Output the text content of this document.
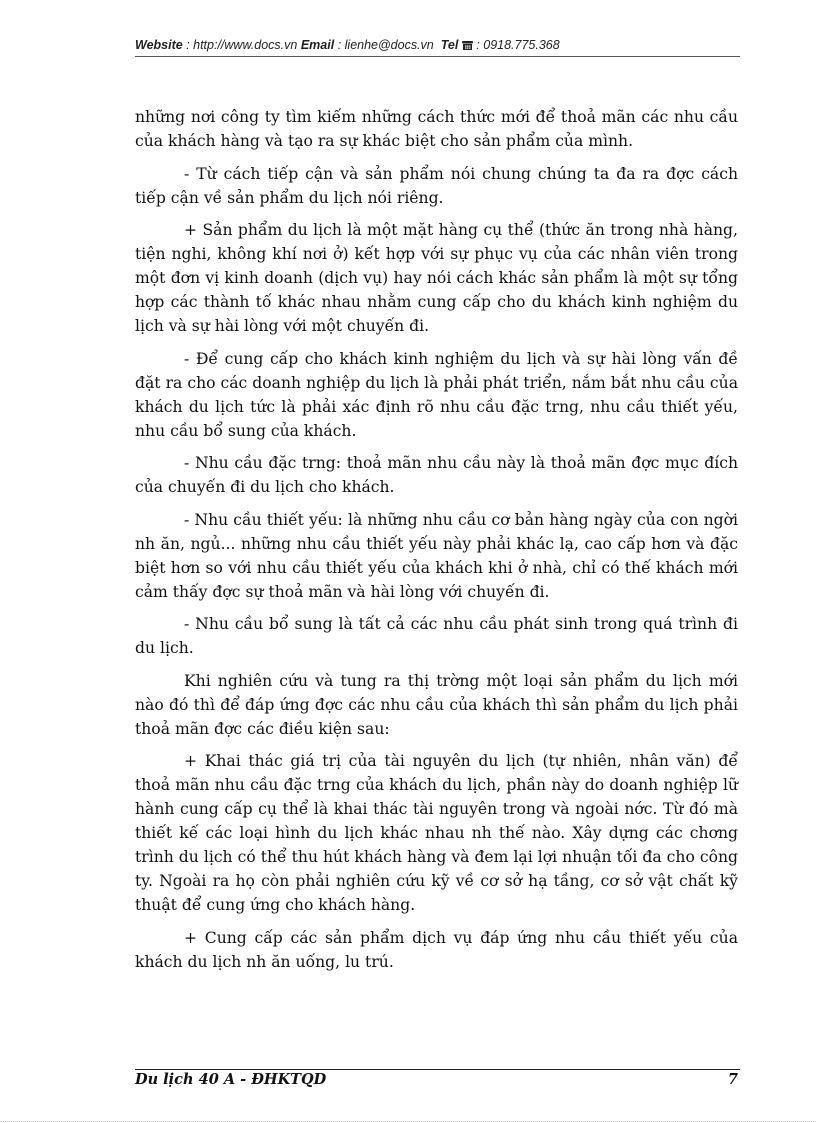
Website : http://www.docs.vn Email : lienhe@docs.vn Tel : 0918.775.368

những nơi công ty tìm kiếm những cách thức mới để thoả mãn các nhu cầu của khách hàng và tạo ra sự khác biệt cho sản phẩm của mình.

- Từ cách tiếp cận và sản phẩm nói chung chúng ta đa ra đợc cách tiếp cận về sản phẩm du lịch nói riêng.

+ Sản phẩm du lịch là một mặt hàng cụ thể (thức ăn trong nhà hàng, tiện nghi, không khí nơi ở) kết hợp với sự phục vụ của các nhân viên trong một đơn vị kinh doanh (dịch vụ) hay nói cách khác sản phẩm là một sự tổng hợp các thành tố khác nhau nhằm cung cấp cho du khách kinh nghiệm du lịch và sự hài lòng với một chuyến đi.

- Để cung cấp cho khách kinh nghiệm du lịch và sự hài lòng vấn đề đặt ra cho các doanh nghiệp du lịch là phải phát triển, nắm bắt nhu cầu của khách du lịch tức là phải xác định rõ nhu cầu đặc trng, nhu cầu thiết yếu, nhu cầu bổ sung của khách.

- Nhu cầu đặc trng: thoả mãn nhu cầu này là thoả mãn đợc mục đích của chuyến đi du lịch cho khách.

- Nhu cầu thiết yếu: là những nhu cầu cơ bản hàng ngày của con ngời nh ăn, ngủ... những nhu cầu thiết yếu này phải khác lạ, cao cấp hơn và đặc biệt hơn so với nhu cầu thiết yếu của khách khi ở nhà, chỉ có thế khách mới cảm thấy đợc sự thoả mãn và hài lòng với chuyến đi.

- Nhu cầu bổ sung là tất cả các nhu cầu phát sinh trong quá trình đi du lịch.

Khi nghiên cứu và tung ra thị trờng một loại sản phẩm du lịch mới nào đó thì để đáp ứng đợc các nhu cầu của khách thì sản phẩm du lịch phải thoả mãn đợc các điều kiện sau:

+ Khai thác giá trị của tài nguyên du lịch (tự nhiên, nhân văn) để thoả mãn nhu cầu đặc trng của khách du lịch, phần này do doanh nghiệp lữ hành cung cấp cụ thể là khai thác tài nguyên trong và ngoài nớc. Từ đó mà thiết kế các loại hình du lịch khác nhau nh thế nào. Xây dựng các chơng trình du lịch có thể thu hút khách hàng và đem lại lợi nhuận tối đa cho công ty. Ngoài ra họ còn phải nghiên cứu kỹ về cơ sở hạ tầng, cơ sở vật chất kỹ thuật để cung ứng cho khách hàng.

+ Cung cấp các sản phẩm dịch vụ đáp ứng nhu cầu thiết yếu của khách du lịch nh ăn uống, lu trú.

Du lịch 40 A - ĐHKTQD	7
